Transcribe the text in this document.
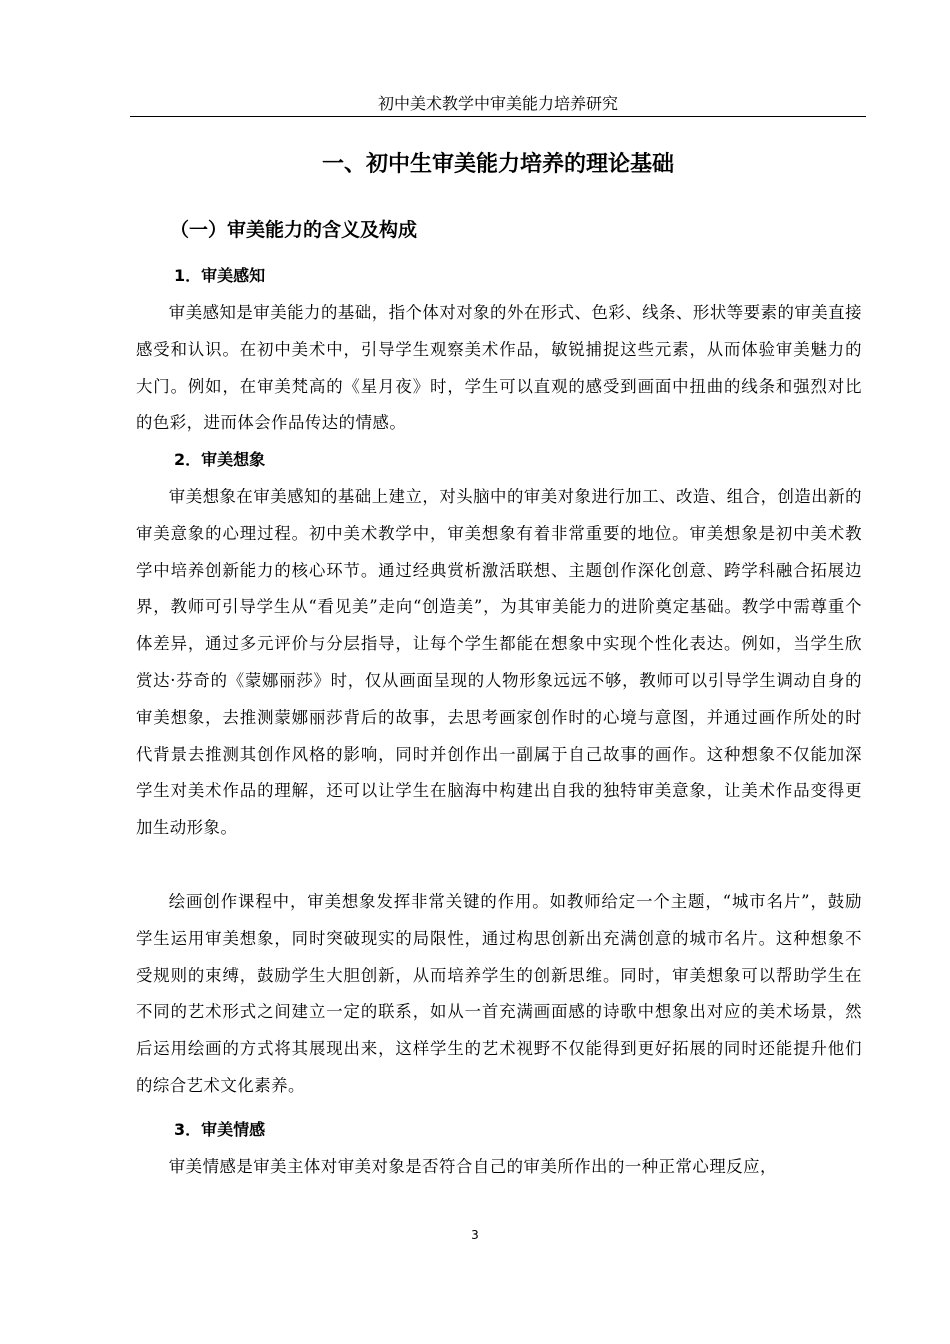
初中美术教学中审美能力培养研究
一、初中生审美能力培养的理论基础
（一）审美能力的含义及构成
1．审美感知
审美感知是审美能力的基础，指个体对对象的外在形式、色彩、线条、形状等要素的审美直接感受和认识。在初中美术中，引导学生观察美术作品，敏锐捕捉这些元素，从而体验审美魅力的大门。例如，在审美梵高的《星月夜》时，学生可以直观的感受到画面中扭曲的线条和强烈对比的色彩，进而体会作品传达的情感。
2．审美想象
审美想象在审美感知的基础上建立，对头脑中的审美对象进行加工、改造、组合，创造出新的审美意象的心理过程。初中美术教学中，审美想象有着非常重要的地位。审美想象是初中美术教学中培养创新能力的核心环节。通过经典赏析激活联想、主题创作深化创意、跨学科融合拓展边界，教师可引导学生从“看见美”走向“创造美”，为其审美能力的进阶奠定基础。教学中需尊重个体差异，通过多元评价与分层指导，让每个学生都能在想象中实现个性化表达。例如，当学生欣赏达·芬奇的《蒙娜丽莎》时，仅从画面呈现的人物形象远远不够，教师可以引导学生调动自身的审美想象，去推测蒙娜丽莎背后的故事，去思考画家创作时的心境与意图，并通过画作所处的时代背景去推测其创作风格的影响，同时并创作出一副属于自己故事的画作。这种想象不仅能加深学生对美术作品的理解，还可以让学生在脑海中构建出自我的独特审美意象，让美术作品变得更加生动形象。
绘画创作课程中，审美想象发挥非常关键的作用。如教师给定一个主题，“城市名片”，鼓励学生运用审美想象，同时突破现实的局限性，通过构思创新出充满创意的城市名片。这种想象不受规则的束缚，鼓励学生大胆创新，从而培养学生的创新思维。同时，审美想象可以帮助学生在不同的艺术形式之间建立一定的联系，如从一首充满画面感的诗歌中想象出对应的美术场景，然后运用绘画的方式将其展现出来，这样学生的艺术视野不仅能得到更好拓展的同时还能提升他们的综合艺术文化素养。
3．审美情感
审美情感是审美主体对审美对象是否符合自己的审美所作出的一种正常心理反应，
3
